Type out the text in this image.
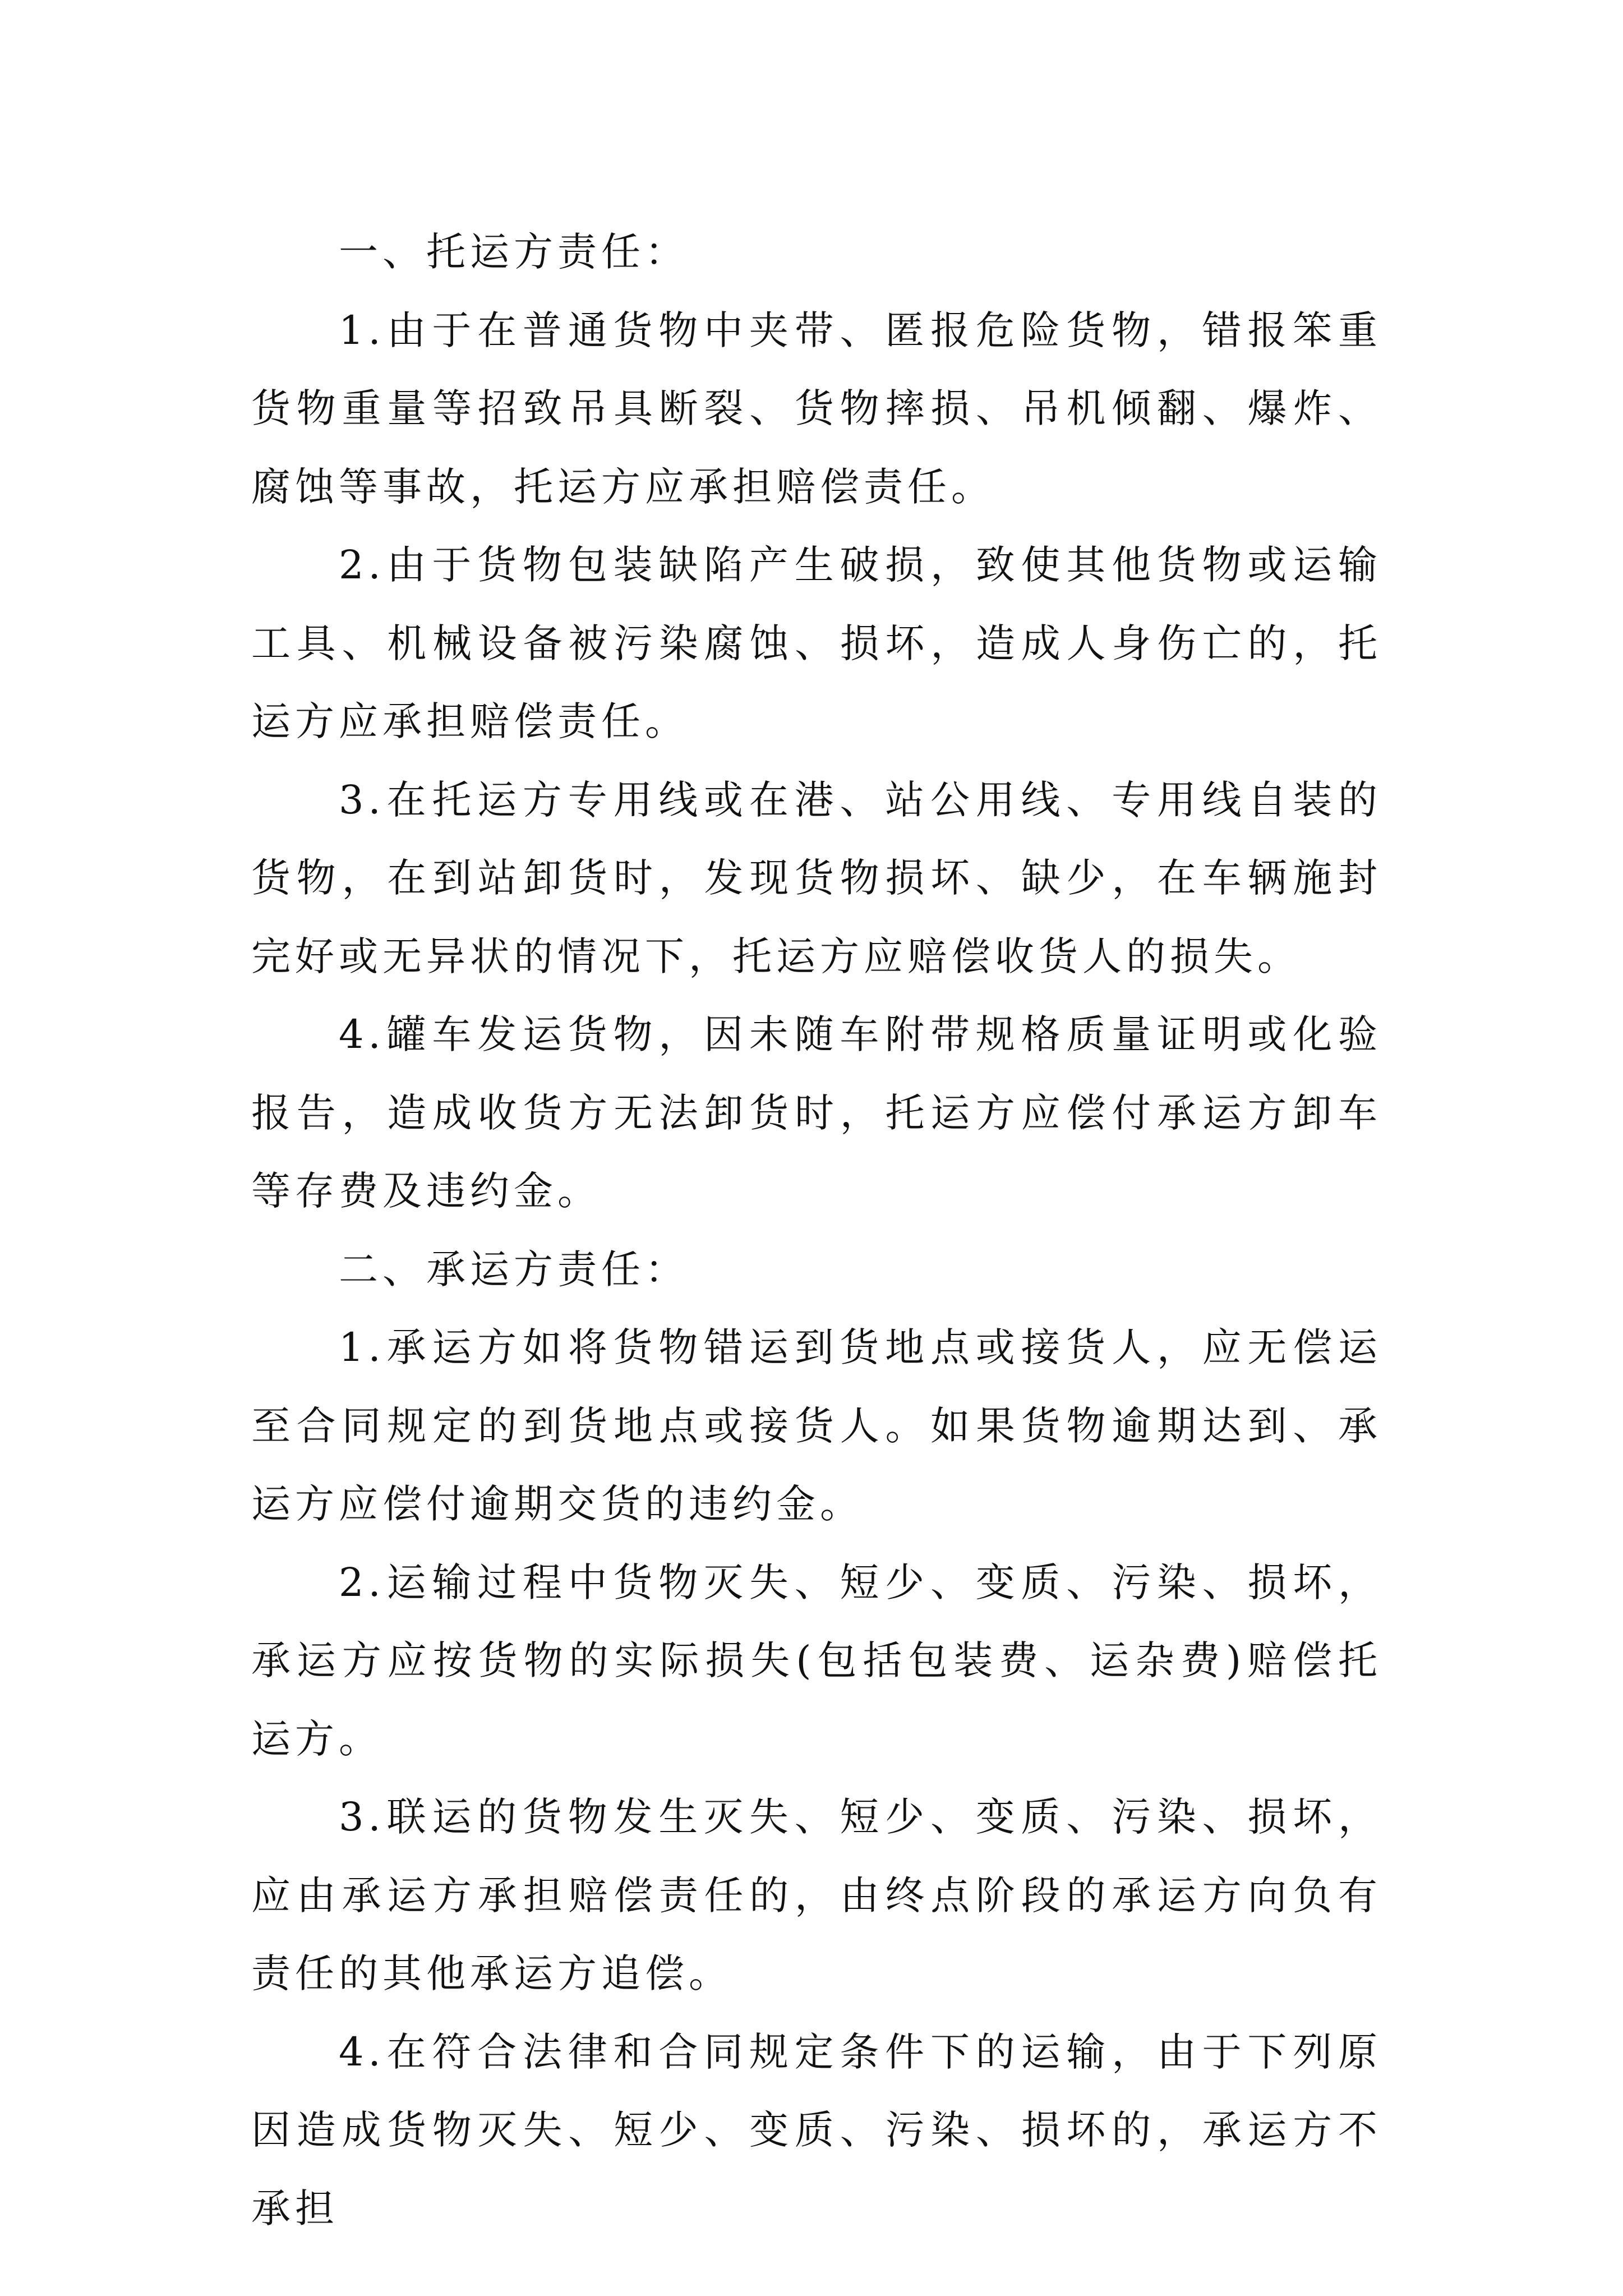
一、托运方责任：

1.由于在普通货物中夹带、匿报危险货物，错报笨重货物重量等招致吊具断裂、货物摔损、吊机倾翻、爆炸、腐蚀等事故，托运方应承担赔偿责任。

2.由于货物包装缺陷产生破损，致使其他货物或运输工具、机械设备被污染腐蚀、损坏，造成人身伤亡的，托运方应承担赔偿责任。

3.在托运方专用线或在港、站公用线、专用线自装的货物，在到站卸货时，发现货物损坏、缺少，在车辆施封完好或无异状的情况下，托运方应赔偿收货人的损失。

4.罐车发运货物，因未随车附带规格质量证明或化验报告，造成收货方无法卸货时，托运方应偿付承运方卸车等存费及违约金。

二、承运方责任：

1.承运方如将货物错运到货地点或接货人，应无偿运至合同规定的到货地点或接货人。如果货物逾期达到、承运方应偿付逾期交货的违约金。

2.运输过程中货物灭失、短少、变质、污染、损坏，承运方应按货物的实际损失(包括包装费、运杂费)赔偿托运方。

3.联运的货物发生灭失、短少、变质、污染、损坏，应由承运方承担赔偿责任的，由终点阶段的承运方向负有责任的其他承运方追偿。

4.在符合法律和合同规定条件下的运输，由于下列原因造成货物灭失、短少、变质、污染、损坏的，承运方不承担
